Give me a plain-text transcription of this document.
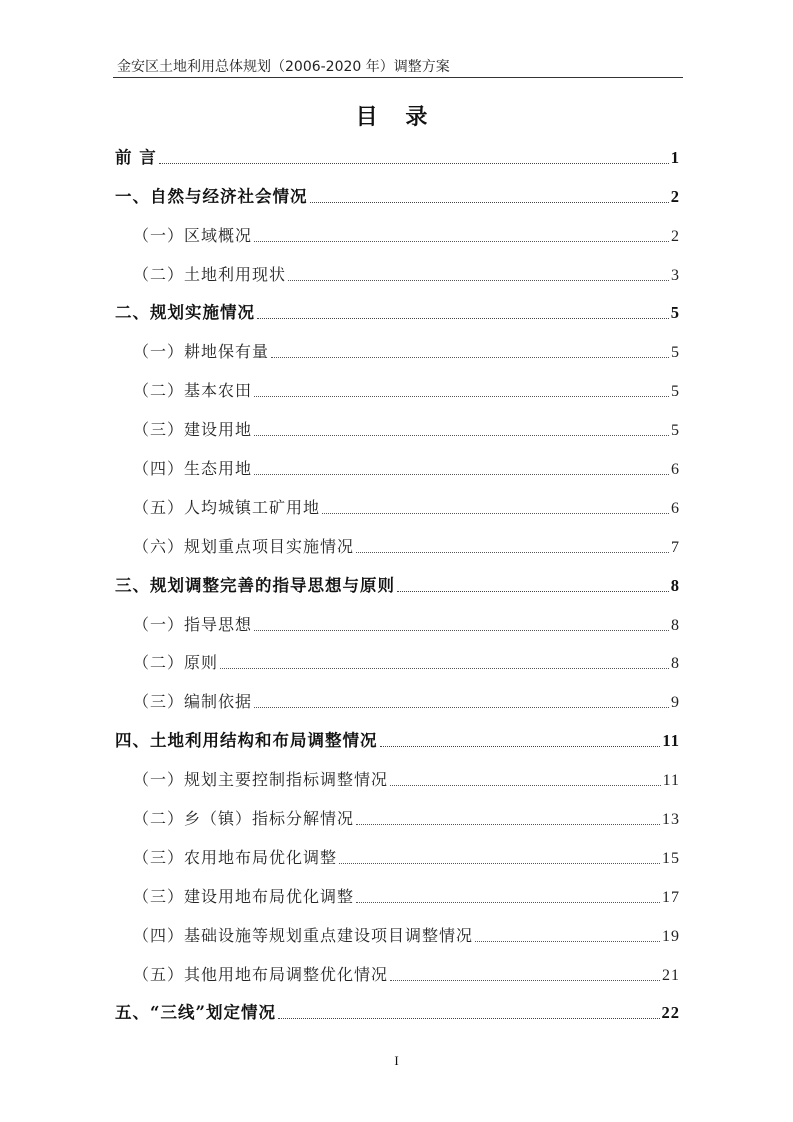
金安区土地利用总体规划（2006-2020 年）调整方案
目 录
前 言	1
一、自然与经济社会情况	2
（一）区域概况	2
（二）土地利用现状	3
二、规划实施情况	5
（一）耕地保有量	5
（二）基本农田	5
（三）建设用地	5
（四）生态用地	6
（五）人均城镇工矿用地	6
（六）规划重点项目实施情况	7
三、规划调整完善的指导思想与原则	8
（一）指导思想	8
（二）原则	8
（三）编制依据	9
四、土地利用结构和布局调整情况	11
（一）规划主要控制指标调整情况	11
（二）乡（镇）指标分解情况	13
（三）农用地布局优化调整	15
（三）建设用地布局优化调整	17
（四）基础设施等规划重点建设项目调整情况	19
（五）其他用地布局调整优化情况	21
五、“三线”划定情况	22
I
